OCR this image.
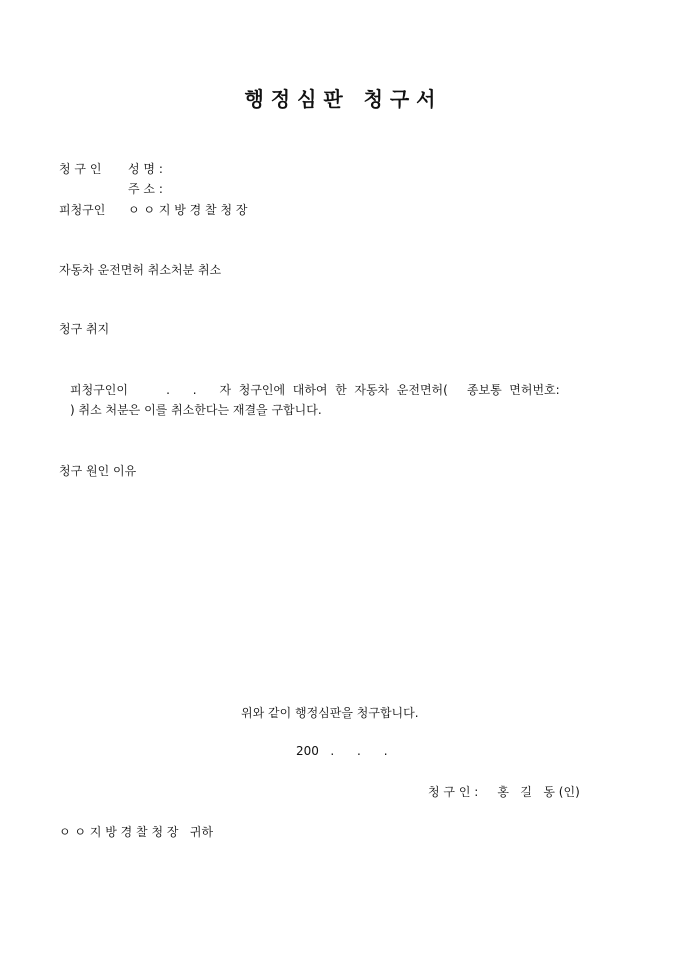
행 정 심 판   청 구 서
청 구 인 성 명 :
주 소 :
피청구인 ㅇ ㅇ 지 방 경 찰 청 장
자동차 운전면허 취소처분 취소
청구 취지
피청구인이          .      .      자  청구인에  대하여  한  자동차  운전면허(     종보통  면허번호:
) 취소 처분은 이를 취소한다는 재결을 구합니다.
청구 원인 이유
위와 같이 행정심판을 청구합니다.
200   .      .      .
청 구 인 :     홍   길   동 (인)
ㅇ ㅇ 지 방 경 찰 청 장   귀하
